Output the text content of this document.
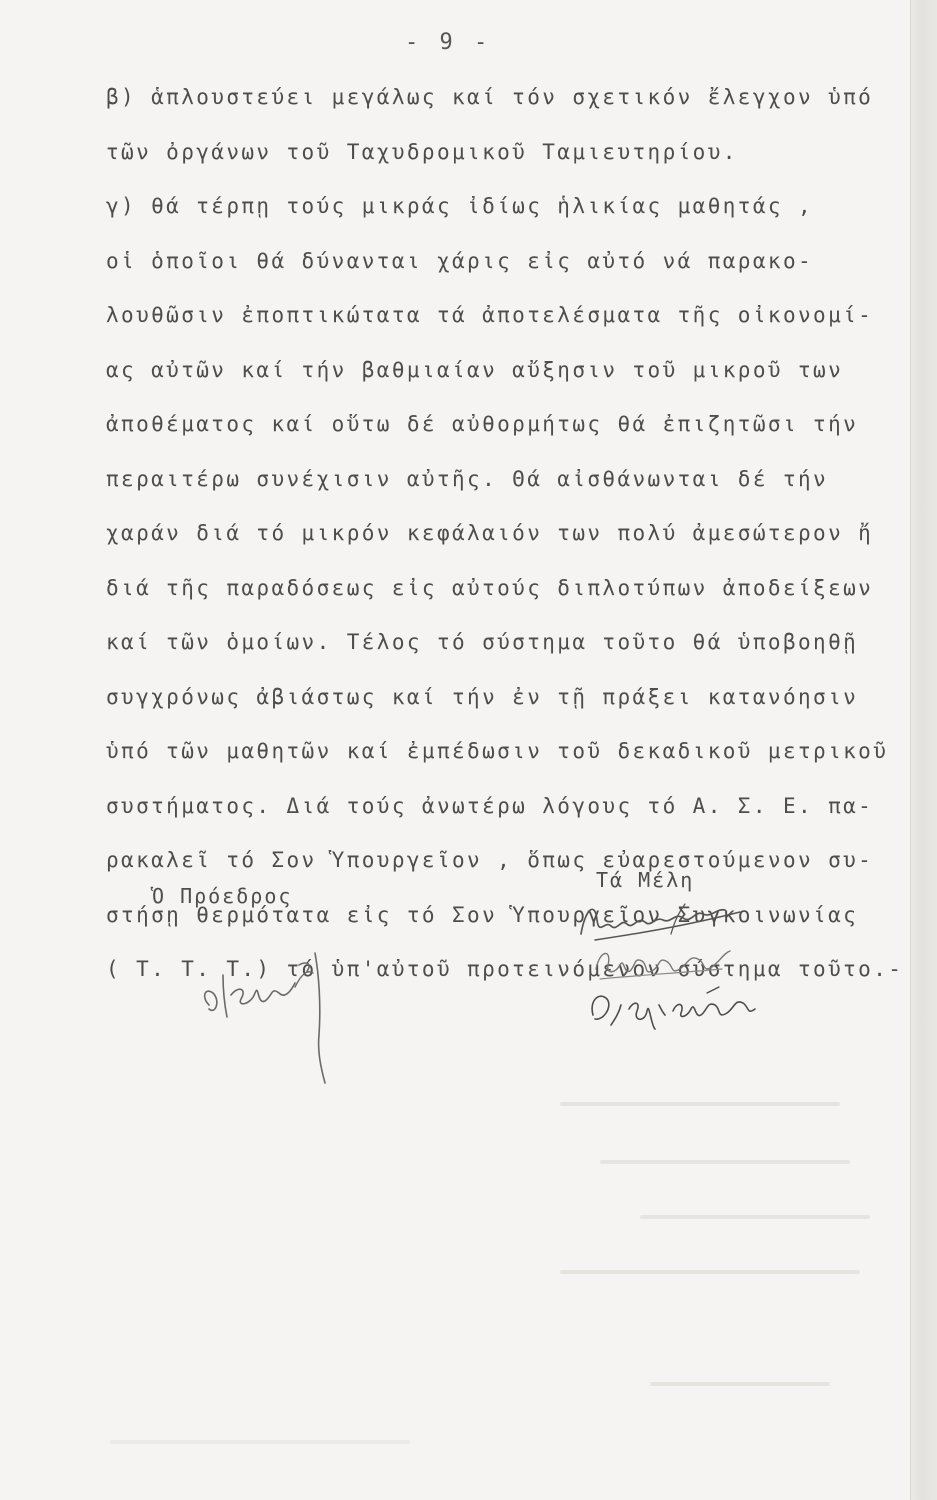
- 9 -
β) ἁπλουστεύει μεγάλως καί τόν σχετικόν ἔλεγχον ὑπό
τῶν ὀργάνων τοῦ Ταχυδρομικοῦ Ταμιευτηρίου.
γ) θά τέρπῃ τούς μικράς ἰδίως ἡλικίας μαθητάς ,
οἱ ὁποῖοι θά δύνανται χάρις εἰς αὐτό νά παρακο-
λουθῶσιν ἐποπτικώτατα τά ἀποτελέσματα τῆς οἰκονομί-
ας αὐτῶν καί τήν βαθμιαίαν αὔξησιν τοῦ μικροῦ των
ἀποθέματος καί οὕτω δέ αὐθορμήτως θά ἐπιζητῶσι τήν
περαιτέρω συνέχισιν αὐτῆς. Θά αἰσθάνωνται δέ τήν
χαράν διά τό μικρόν κεφάλαιόν των πολύ ἀμεσώτερον ἤ
διά τῆς παραδόσεως εἰς αὐτούς διπλοτύπων ἀποδείξεων
καί τῶν ὁμοίων. Τέλος τό σύστημα τοῦτο θά ὑποβοηθῇ
συγχρόνως ἀβιάστως καί τήν ἐν τῇ πράξει κατανόησιν
ὑπό τῶν μαθητῶν καί ἐμπέδωσιν τοῦ δεκαδικοῦ μετρικοῦ
συστήματος. Διά τούς ἀνωτέρω λόγους τό Α. Σ. Ε. πα-
ρακαλεῖ τό Σον Ὑπουργεῖον , ὅπως εὐαρεστούμενον συ-
στήσῃ θερμότατα εἰς τό Σον Ὑπουργεῖον Συγκοινωνίας
( Τ. Τ. Τ.) τό ὑπ'αὐτοῦ προτεινόμενον σύστημα τοῦτο.-
Ὁ Πρόεδρος
Τά Μέλη
